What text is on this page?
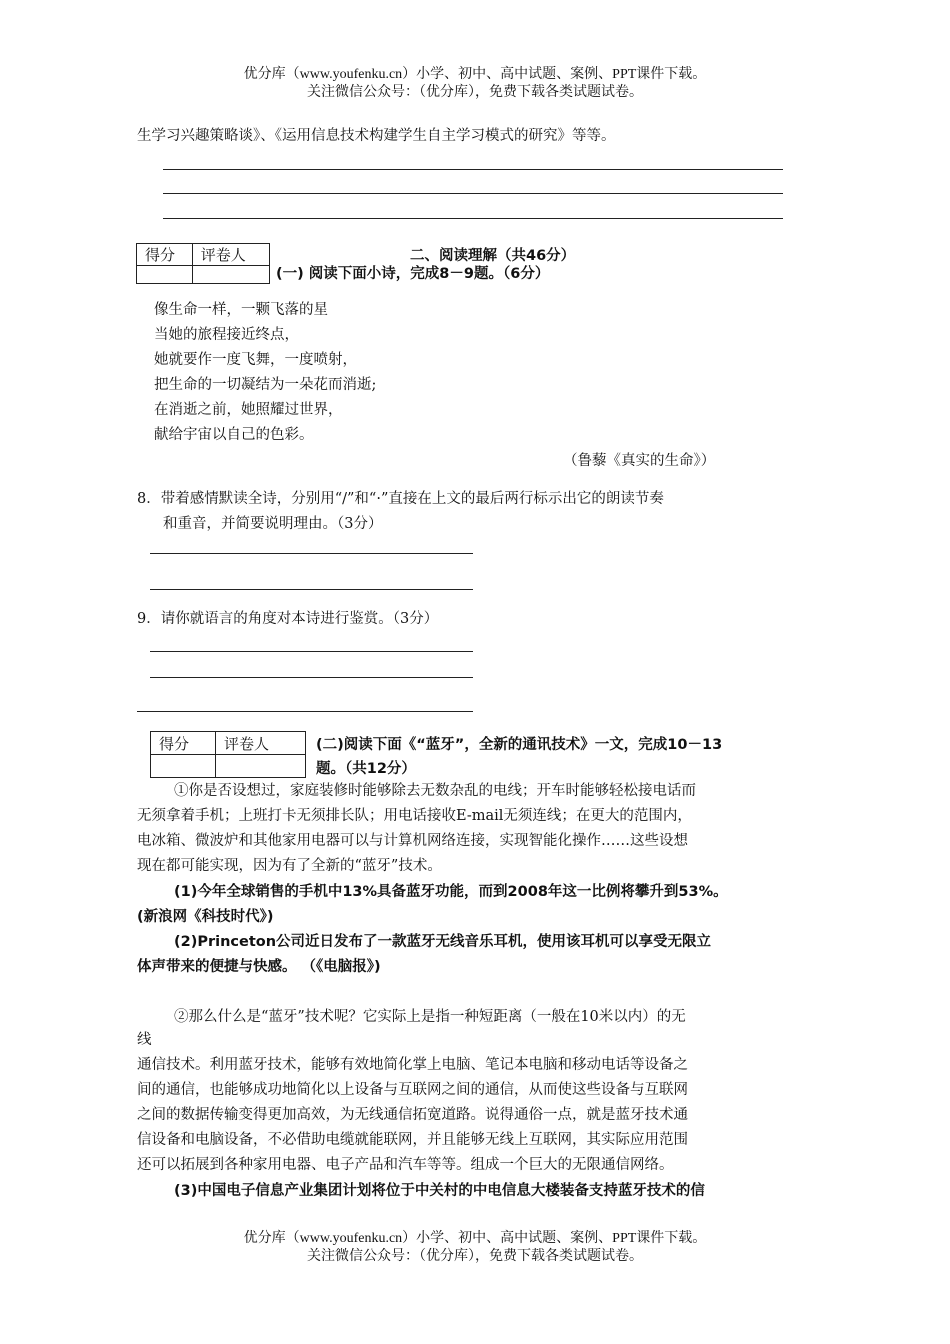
优分库（www.youfenku.cn）小学、初中、高中试题、案例、PPT课件下载。
关注微信公众号：（优分库），免费下载各类试题试卷。
生学习兴趣策略谈》、《运用信息技术构建学生自主学习模式的研究》等等。
得分	评卷人
		二、阅读理解（共46分）
(一) 阅读下面小诗，完成8－9题。（6分）
像生命一样，一颗飞落的星
当她的旅程接近终点，
她就要作一度飞舞，一度喷射，
把生命的一切凝结为一朵花而消逝;
在消逝之前，她照耀过世界，
献给宇宙以自己的色彩。
（鲁藜《真实的生命》）
8．带着感情默读全诗，分别用“/”和“·”直接在上文的最后两行标示出它的朗读节奏
和重音，并简要说明理由。（3分）
9．请你就语言的角度对本诗进行鉴赏。（3分）
得分	评卷人
		(二)阅读下面《“蓝牙”，全新的通讯技术》一文，完成10－13
题。（共12分）
①你是否设想过，家庭装修时能够除去无数杂乱的电线；开车时能够轻松接电话而
无须拿着手机；上班打卡无须排长队；用电话接收E-mail无须连线；在更大的范围内，
电冰箱、微波炉和其他家用电器可以与计算机网络连接，实现智能化操作……这些设想
现在都可能实现，因为有了全新的“蓝牙”技术。
(1)今年全球销售的手机中13%具备蓝牙功能，而到2008年这一比例将攀升到53%。
(新浪网《科技时代》)
(2)Princeton公司近日发布了一款蓝牙无线音乐耳机，使用该耳机可以享受无限立
体声带来的便捷与快感。 （《电脑报》)
②那么什么是“蓝牙”技术呢？它实际上是指一种短距离（一般在10米以内）的无
线
通信技术。利用蓝牙技术，能够有效地简化掌上电脑、笔记本电脑和移动电话等设备之
间的通信，也能够成功地简化以上设备与互联网之间的通信，从而使这些设备与互联网
之间的数据传输变得更加高效，为无线通信拓宽道路。说得通俗一点，就是蓝牙技术通
信设备和电脑设备，不必借助电缆就能联网，并且能够无线上互联网，其实际应用范围
还可以拓展到各种家用电器、电子产品和汽车等等。组成一个巨大的无限通信网络。
(3)中国电子信息产业集团计划将位于中关村的中电信息大楼装备支持蓝牙技术的信
优分库（www.youfenku.cn）小学、初中、高中试题、案例、PPT课件下载。
关注微信公众号：（优分库），免费下载各类试题试卷。
